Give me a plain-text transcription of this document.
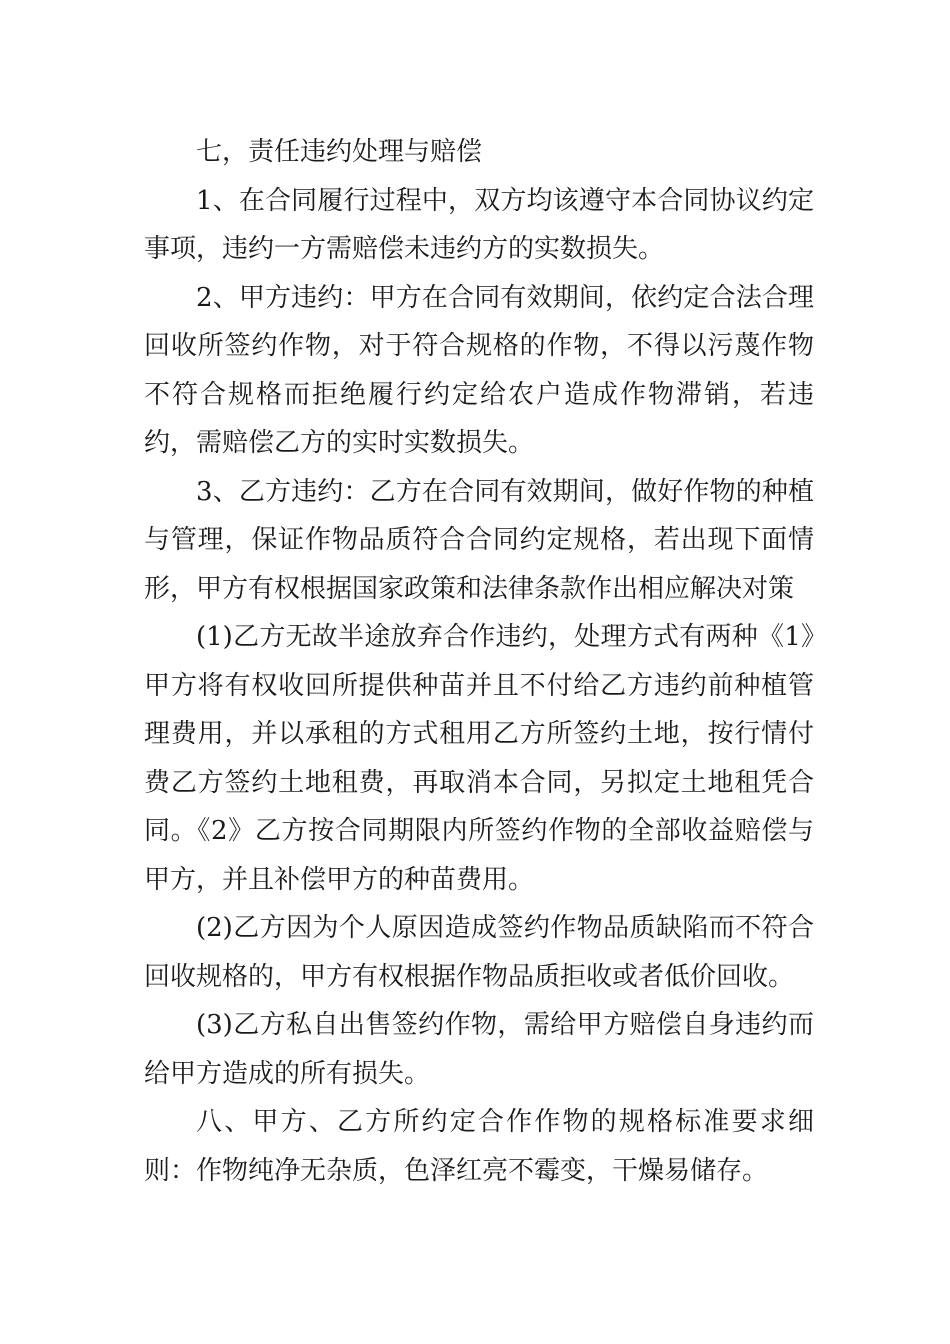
七，责任违约处理与赔偿

1、在合同履行过程中，双方均该遵守本合同协议约定事项，违约一方需赔偿未违约方的实数损失。

2、甲方违约：甲方在合同有效期间，依约定合法合理回收所签约作物，对于符合规格的作物，不得以污蔑作物不符合规格而拒绝履行约定给农户造成作物滞销，若违约，需赔偿乙方的实时实数损失。

3、乙方违约：乙方在合同有效期间，做好作物的种植与管理，保证作物品质符合合同约定规格，若出现下面情形，甲方有权根据国家政策和法律条款作出相应解决对策

(1)乙方无故半途放弃合作违约，处理方式有两种《1》甲方将有权收回所提供种苗并且不付给乙方违约前种植管理费用，并以承租的方式租用乙方所签约土地，按行情付费乙方签约土地租费，再取消本合同，另拟定土地租凭合同。《2》乙方按合同期限内所签约作物的全部收益赔偿与甲方，并且补偿甲方的种苗费用。

(2)乙方因为个人原因造成签约作物品质缺陷而不符合回收规格的，甲方有权根据作物品质拒收或者低价回收。

(3)乙方私自出售签约作物，需给甲方赔偿自身违约而给甲方造成的所有损失。

八、甲方、乙方所约定合作作物的规格标准要求细则：作物纯净无杂质，色泽红亮不霉变，干燥易储存。
